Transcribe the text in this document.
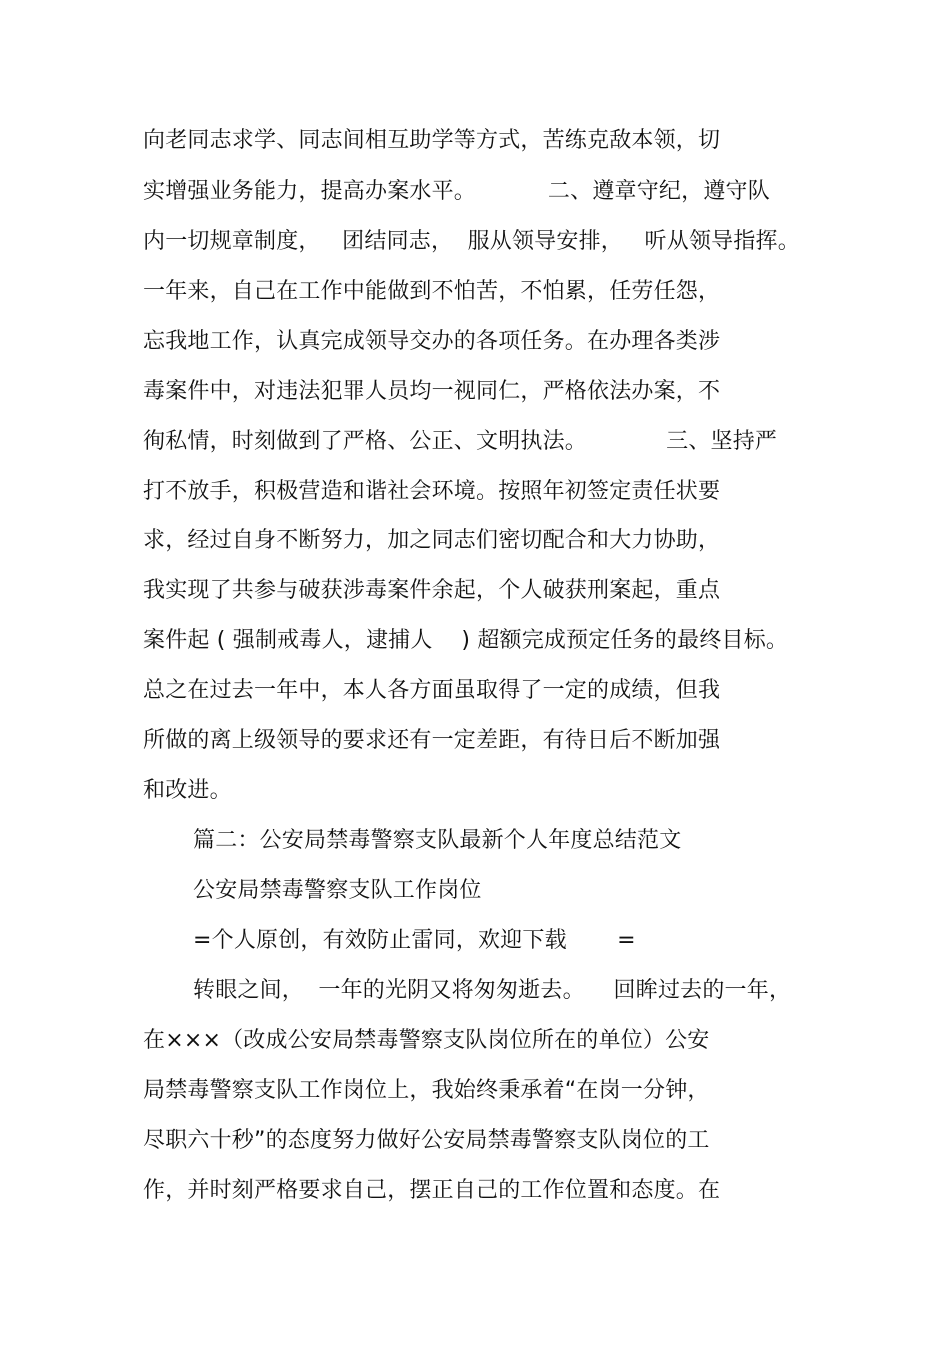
向老同志求学、同志间相互助学等方式，苦练克敌本领，切
实增强业务能力，提高办案水平。          二、遵章守纪，遵守队
内一切规章制度，   团结同志，  服从领导安排，   听从领导指挥。
一年来，自己在工作中能做到不怕苦，不怕累，任劳任怨，
忘我地工作，认真完成领导交办的各项任务。在办理各类涉
毒案件中，对违法犯罪人员均一视同仁，严格依法办案，不
徇私情，时刻做到了严格、公正、文明执法。           三、坚持严
打不放手，积极营造和谐社会环境。按照年初签定责任状要
求，经过自身不断努力，加之同志们密切配合和大力协助，
我实现了共参与破获涉毒案件余起，个人破获刑案起，重点
案件起 ( 强制戒毒人，逮捕人    ) 超额完成预定任务的最终目标。
总之在过去一年中，本人各方面虽取得了一定的成绩，但我
所做的离上级领导的要求还有一定差距，有待日后不断加强
和改进。
篇二：公安局禁毒警察支队最新个人年度总结范文
公安局禁毒警察支队工作岗位
=个人原创，有效防止雷同，欢迎下载       =
转眼之间，  一年的光阴又将匆匆逝去。    回眸过去的一年，
在×××（改成公安局禁毒警察支队岗位所在的单位）公安
局禁毒警察支队工作岗位上，我始终秉承着“在岗一分钟，
尽职六十秒”的态度努力做好公安局禁毒警察支队岗位的工
作，并时刻严格要求自己，摆正自己的工作位置和态度。在
